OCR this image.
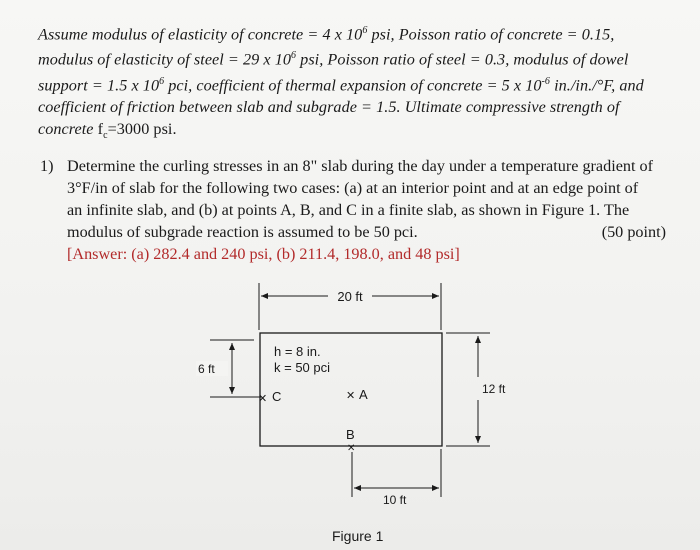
Assume modulus of elasticity of concrete = 4 x $10^6$ psi, Poisson ratio of concrete = 0.15,
modulus of elasticity of steel = 29 x $10^6$ psi, Poisson ratio of steel = 0.3, modulus of dowel
support = 1.5 x $10^6$ pci, coefficient of thermal expansion of concrete = 5 x $10^{-6}$ in./in./°F, and
coefficient of friction between slab and subgrade = 1.5. Ultimate compressive strength of
concrete $f_c=3000$ psi.
1) Determine the curling stresses in an 8" slab during the day under a temperature gradient of
3°F/in of slab for the following two cases: (a) at an interior point and at an edge point of
an infinite slab, and (b) at points A, B, and C in a finite slab, as shown in Figure 1. The
modulus of subgrade reaction is assumed to be 50 pci.	(50 point)
[Answer: (a) 282.4 and 240 psi, (b) 211.4, 198.0, and 48 psi]
20 ft
12 ft
6 ft
h = 8 in.
k = 50 pci
✕ C	✕ A
B
✕
10 ft
Figure 1
